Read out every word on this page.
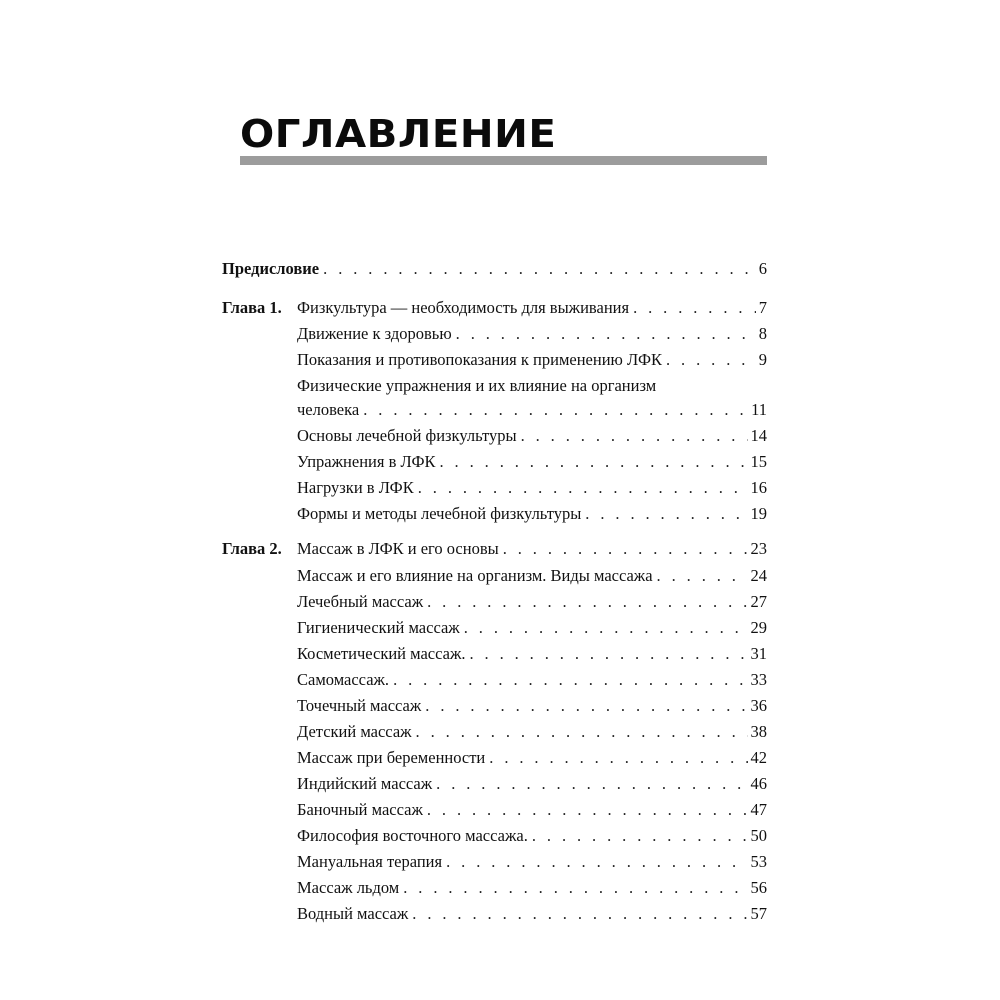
ОГЛАВЛЕНИЕ
Предисловие . . .	6
Глава 1. Физкультура — необходимость для выживания . . .	7
Движение к здоровью . . .	8
Показания и противопоказания к применению ЛФК . . .	9
Физические упражнения и их влияние на организм
человека . . .	11
Основы лечебной физкультуры . . .	14
Упражнения в ЛФК . . .	15
Нагрузки в ЛФК . . .	16
Формы и методы лечебной физкультуры . . .	19
Глава 2. Массаж в ЛФК и его основы . . .	23
Массаж и его влияние на организм. Виды массажа . . .	24
Лечебный массаж . . .	27
Гигиенический массаж . . .	29
Косметический массаж. . . .	31
Самомассаж. . . .	33
Точечный массаж . . .	36
Детский массаж . . .	38
Массаж при беременности . . .	42
Индийский массаж . . .	46
Баночный массаж . . .	47
Философия восточного массажа. . . .	50
Мануальная терапия . . .	53
Массаж льдом . . .	56
Водный массаж . . .	57
